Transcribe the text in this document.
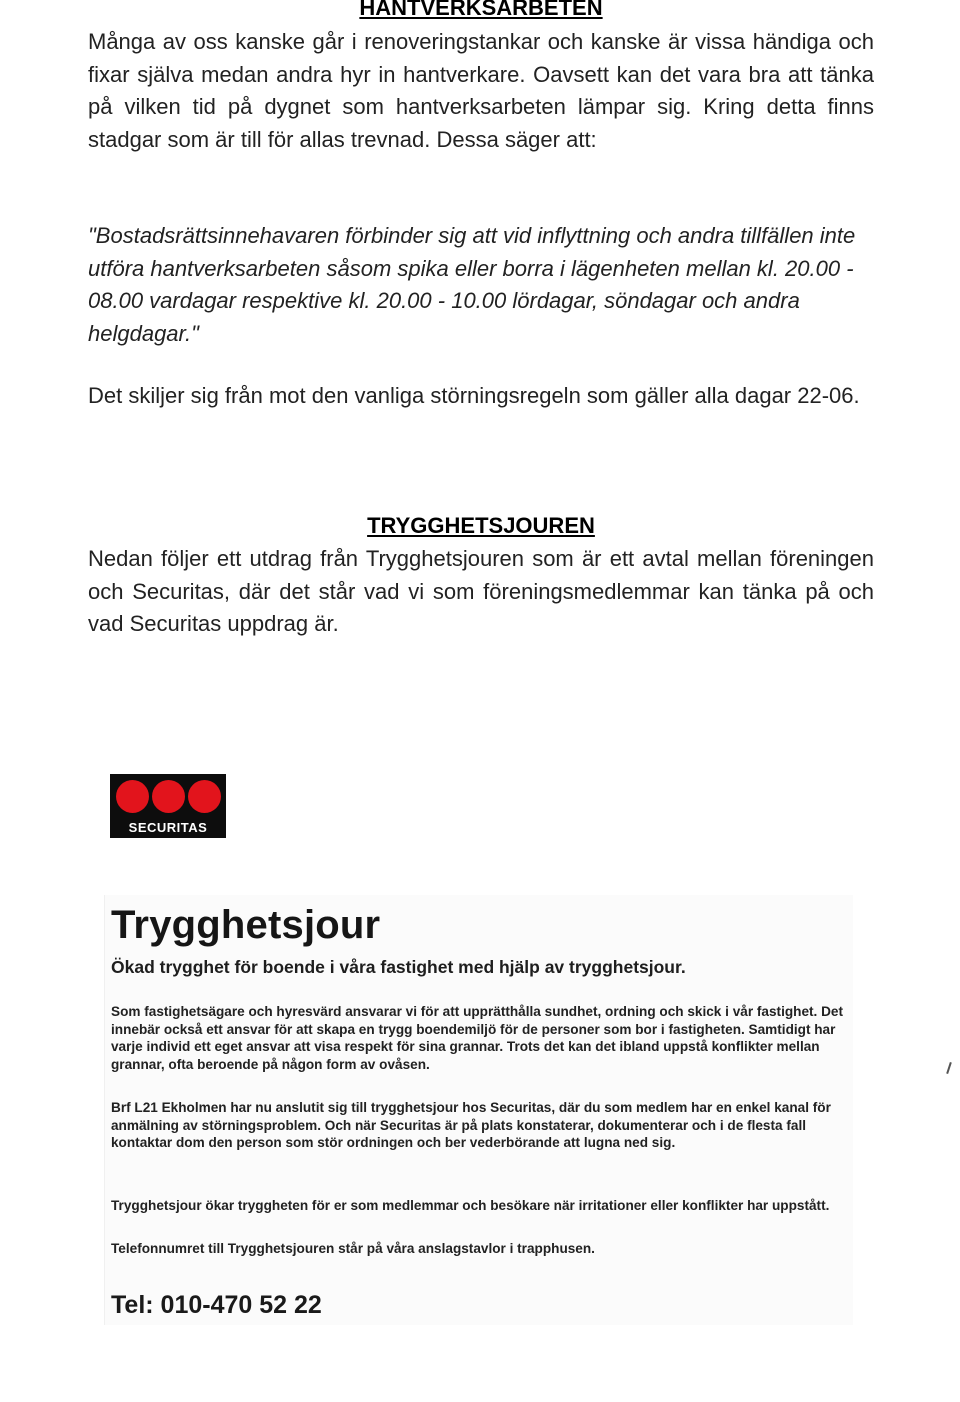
HANTVERKSARBETEN

Många av oss kanske går i renoveringstankar och kanske är vissa händiga och fixar själva medan andra hyr in hantverkare. Oavsett kan det vara bra att tänka på vilken tid på dygnet som hantverksarbeten lämpar sig. Kring detta finns stadgar som är till för allas trevnad. Dessa säger att:

"Bostadsrättsinnehavaren förbinder sig att vid inflyttning och andra tillfällen inte utföra hantverksarbeten såsom spika eller borra i lägenheten mellan kl. 20.00 - 08.00 vardagar respektive kl. 20.00 - 10.00 lördagar, söndagar och andra helgdagar."

Det skiljer sig från mot den vanliga störningsregeln som gäller alla dagar 22-06.

TRYGGHETSJOUREN

Nedan följer ett utdrag från Trygghetsjouren som är ett avtal mellan föreningen och Securitas, där det står vad vi som föreningsmedlemmar kan tänka på och vad Securitas uppdrag är.

SECURITAS
Trygghetsjour
Ökad trygghet för boende i våra fastighet med hjälp av trygghetsjour.

Som fastighetsägare och hyresvärd ansvarar vi för att upprätthålla sundhet, ordning och skick i vår fastighet. Det innebär också ett ansvar för att skapa en trygg boendemiljö för de personer som bor i fastigheten. Samtidigt har varje individ ett eget ansvar att visa respekt för sina grannar. Trots det kan det ibland uppstå konflikter mellan grannar, ofta beroende på någon form av ovåsen.

Brf L21 Ekholmen har nu anslutit sig till trygghetsjour hos Securitas, där du som medlem har en enkel kanal för anmälning av störningsproblem. Och när Securitas är på plats konstaterar, dokumenterar och i de flesta fall kontaktar dom den person som stör ordningen och ber vederbörande att lugna ned sig.

Trygghetsjour ökar tryggheten för er som medlemmar och besökare när irritationer eller konflikter har uppstått.

Telefonnumret till Trygghetsjouren står på våra anslagstavlor i trapphusen.

Tel: 010-470 52 22
